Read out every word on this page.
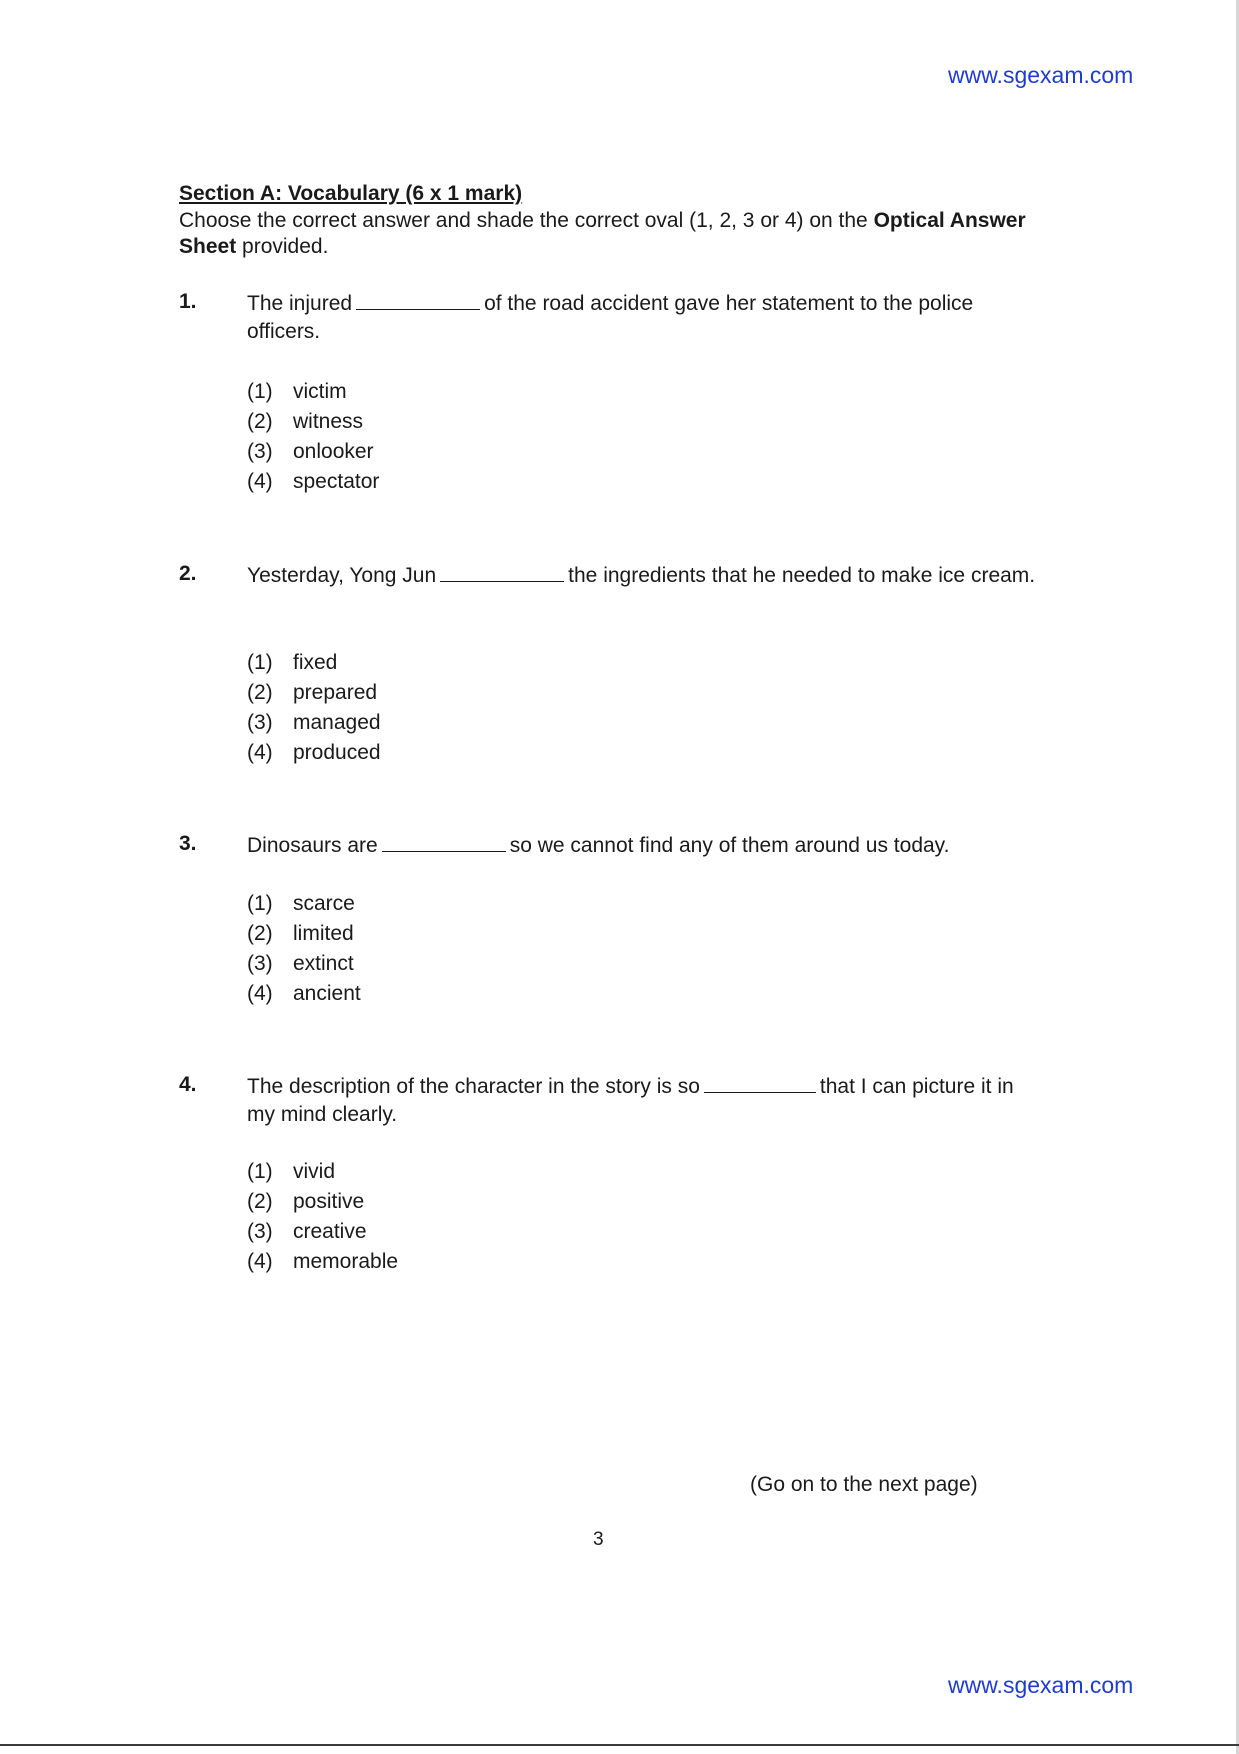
www.sgexam.com
Section A: Vocabulary (6 x 1 mark)
Choose the correct answer and shade the correct oval (1, 2, 3 or 4) on the Optical Answer Sheet provided.
1. The injured	of the road accident gave her statement to the police officers.
(1) victim
(2) witness
(3) onlooker
(4) spectator
2. Yesterday, Yong Jun	the ingredients that he needed to make ice cream.
(1) fixed
(2) prepared
(3) managed
(4) produced
3. Dinosaurs are	so we cannot find any of them around us today.
(1) scarce
(2) limited
(3) extinct
(4) ancient
4. The description of the character in the story is so	that I can picture it in my mind clearly.
(1) vivid
(2) positive
(3) creative
(4) memorable
(Go on to the next page)
3
www.sgexam.com
